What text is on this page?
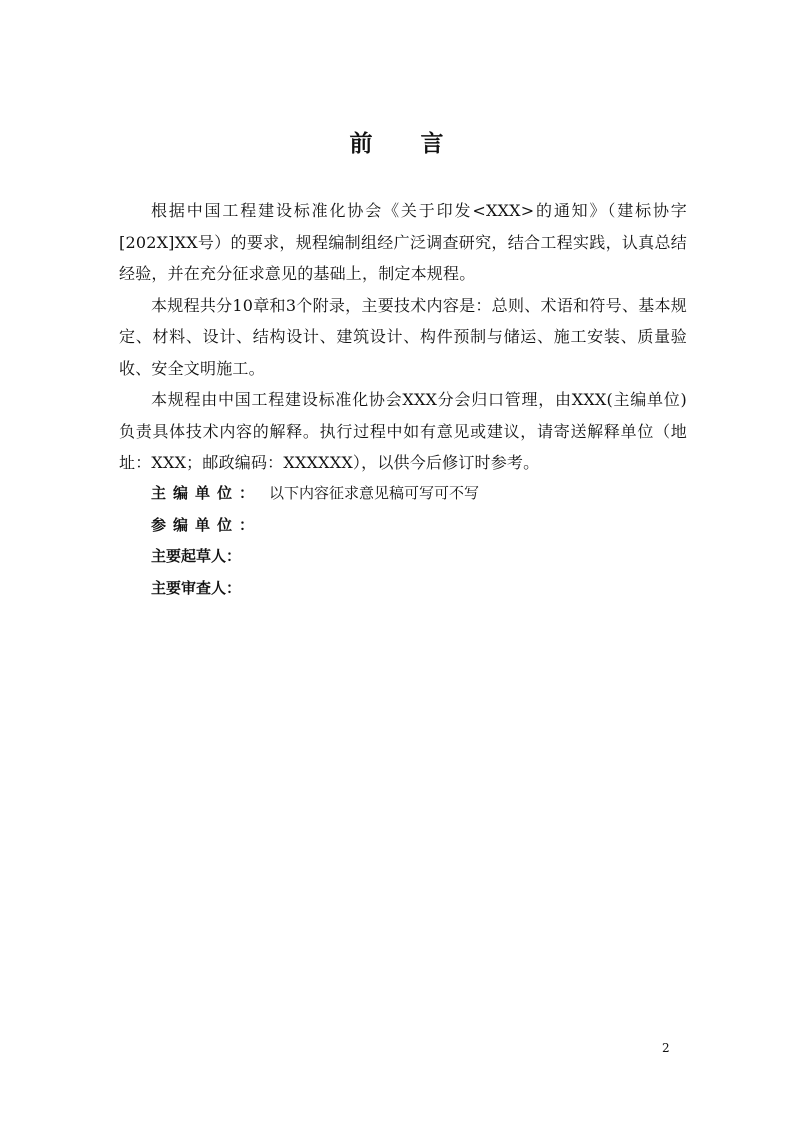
前 言

根据中国工程建设标准化协会《关于印发<XXX>的通知》（建标协字[202X]XX号）的要求，规程编制组经广泛调查研究，结合工程实践，认真总结经验，并在充分征求意见的基础上，制定本规程。

本规程共分10章和3个附录，主要技术内容是：总则、术语和符号、基本规定、材料、设计、结构设计、建筑设计、构件预制与储运、施工安装、质量验收、安全文明施工。

本规程由中国工程建设标准化协会XXX分会归口管理，由XXX(主编单位)负责具体技术内容的解释。执行过程中如有意见或建议，请寄送解释单位（地址：XXX；邮政编码：XXXXXX），以供今后修订时参考。

主编单位： 以下内容征求意见稿可写可不写
参编单位：
主要起草人：
主要审查人：
2
